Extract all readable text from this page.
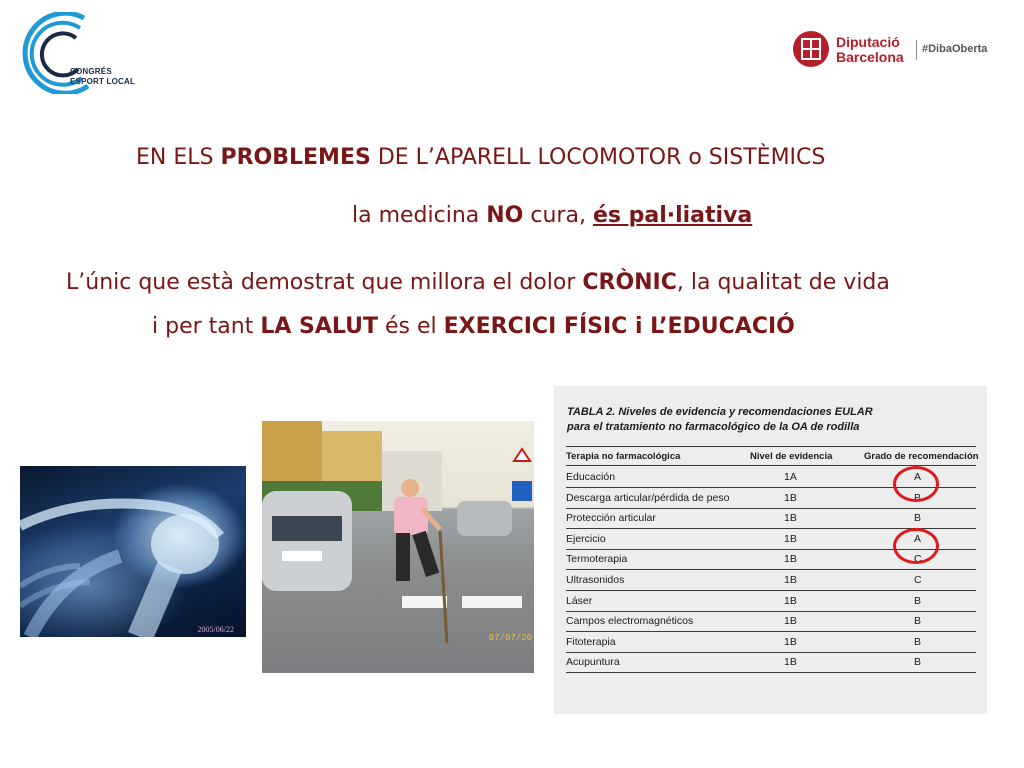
CONGRÉS
ESPORT LOCAL
Diputació
Barcelona #DibaOberta
EN ELS PROBLEMES DE L’APARELL LOCOMOTOR o SISTÈMICS
la medicina NO cura, és pal·liativa
L’únic que està demostrat que millora el dolor CRÒNIC, la qualitat de vida
i per tant LA SALUT és el EXERCICI FÍSIC i L’EDUCACIÓ
2005/06/22
07/07/20
TABLA 2. Niveles de evidencia y recomendaciones EULAR
para el tratamiento no farmacológico de la OA de rodilla
Terapia no farmacológica	Nivel de evidencia	Grado de recomendación
Educación	1A	A
Descarga articular/pérdida de peso	1B	B
Protección articular	1B	B
Ejercicio	1B	A
Termoterapia	1B	C
Ultrasonidos	1B	C
Láser	1B	B
Campos electromagnéticos	1B	B
Fitoterapia	1B	B
Acupuntura	1B	B
